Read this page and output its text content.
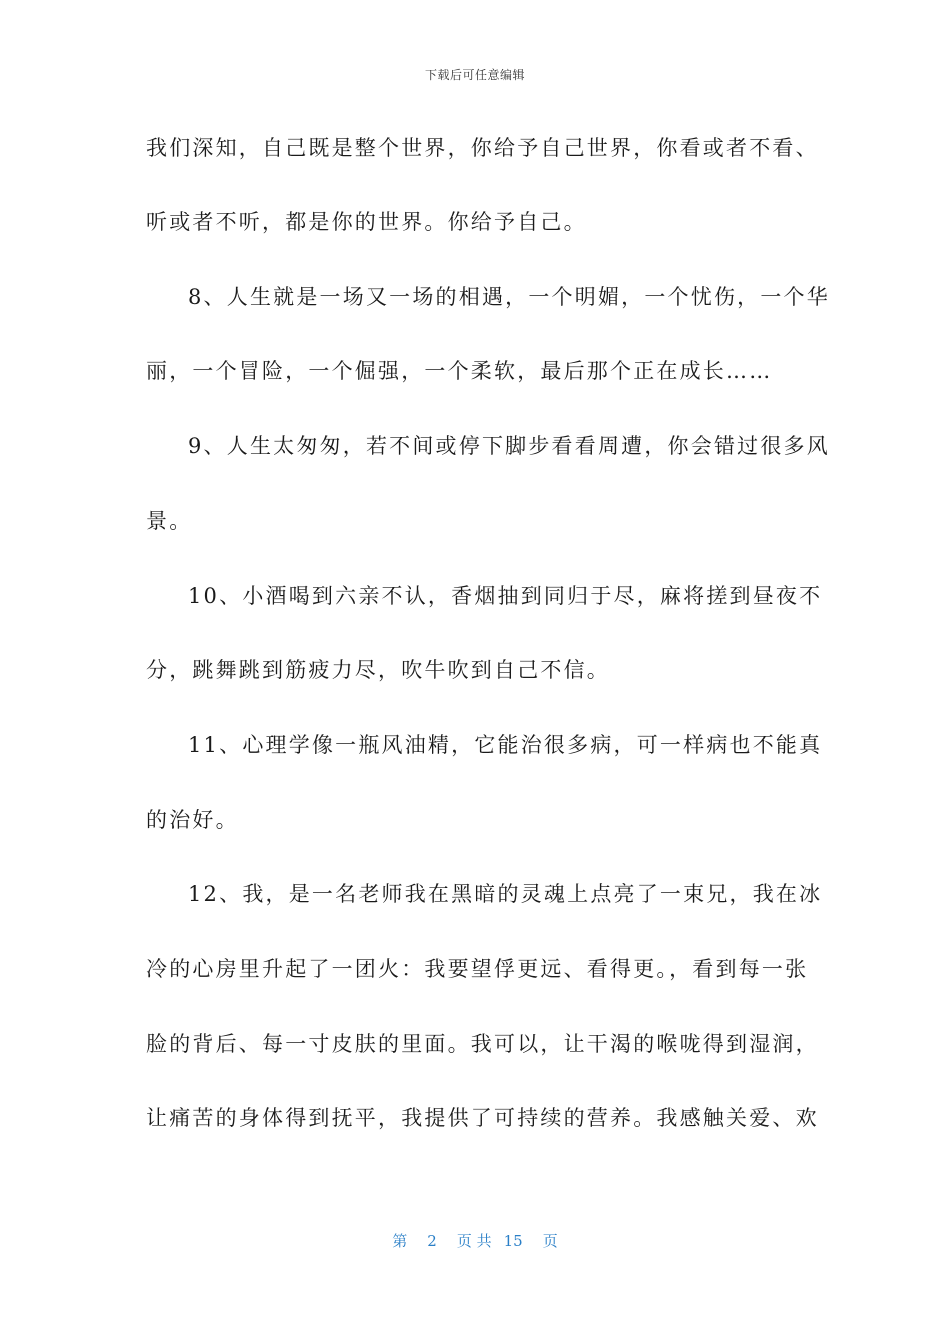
下载后可任意编辑
我们深知，自己既是整个世界，你给予自己世界，你看或者不看、
听或者不听，都是你的世界。你给予自己。
8、人生就是一场又一场的相遇，一个明媚，一个忧伤，一个华
丽，一个冒险，一个倔强，一个柔软，最后那个正在成长……
9、人生太匆匆，若不间或停下脚步看看周遭，你会错过很多风
景。
10、小酒喝到六亲不认，香烟抽到同归于尽，麻将搓到昼夜不
分，跳舞跳到筋疲力尽，吹牛吹到自己不信。
11、心理学像一瓶风油精，它能治很多病，可一样病也不能真
的治好。
12、我，是一名老师我在黑暗的灵魂上点亮了一束兄，我在冰
冷的心房里升起了一团火：我要望俘更远、看得更。，看到每一张
脸的背后、每一寸皮肤的里面。我可以，让干渴的喉咙得到湿润，
让痛苦的身体得到抚平，我提供了可持续的营养。我感触关爱、欢
第 2 页 共 15 页
